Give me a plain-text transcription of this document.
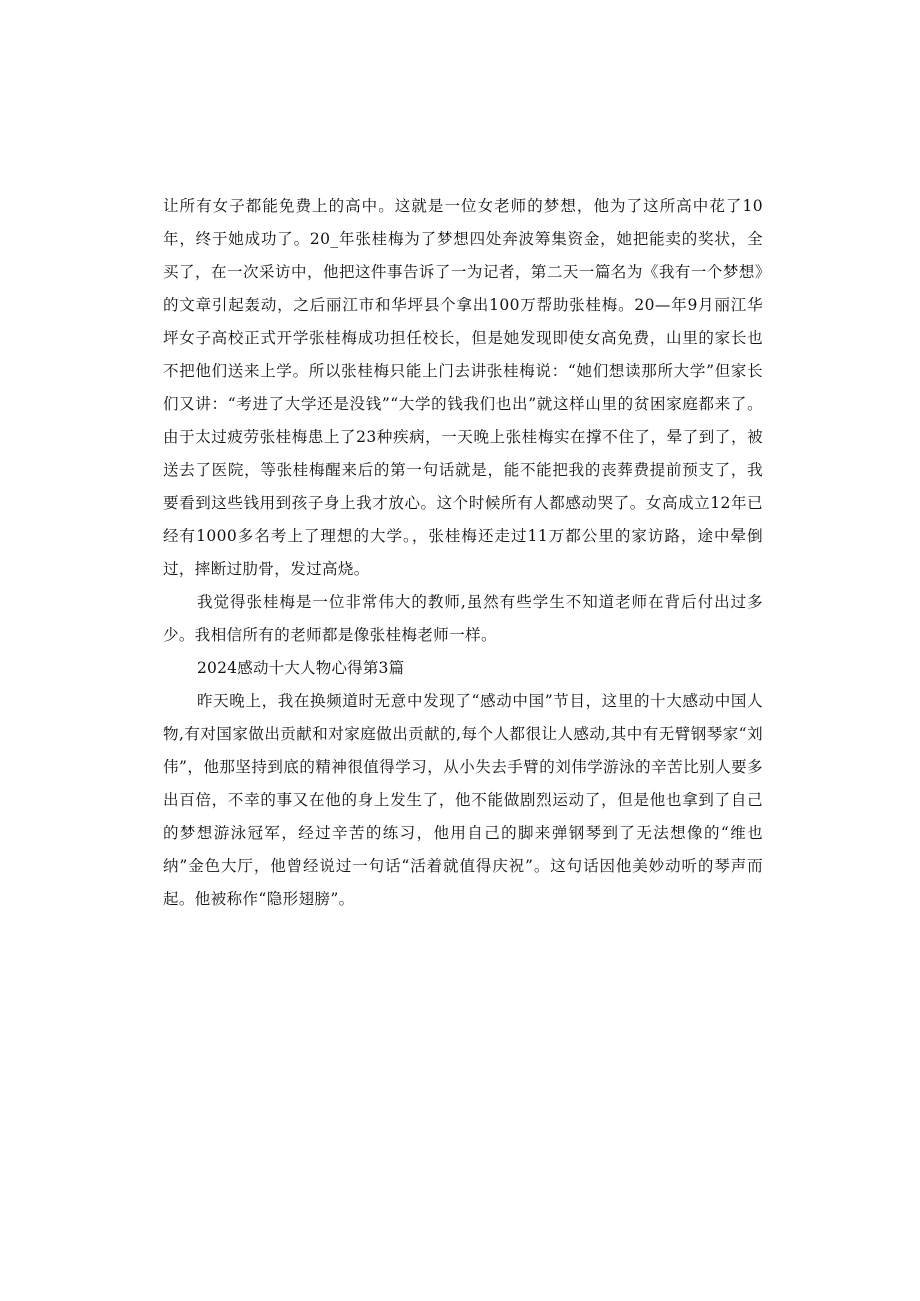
让所有女子都能免费上的高中。这就是一位女老师的梦想，他为了这所高中花了10年，终于她成功了。20_年张桂梅为了梦想四处奔波筹集资金，她把能卖的奖状，全买了，在一次采访中，他把这件事告诉了一为记者，第二天一篇名为《我有一个梦想》的文章引起轰动，之后丽江市和华坪县个拿出100万帮助张桂梅。20—年9月丽江华坪女子高校正式开学张桂梅成功担任校长，但是她发现即使女高免费，山里的家长也不把他们送来上学。所以张桂梅只能上门去讲张桂梅说：“她们想读那所大学”但家长们又讲：“考进了大学还是没钱”“大学的钱我们也出”就这样山里的贫困家庭都来了。由于太过疲劳张桂梅患上了23种疾病，一天晚上张桂梅实在撑不住了，晕了到了，被送去了医院，等张桂梅醒来后的第一句话就是，能不能把我的丧葬费提前预支了，我要看到这些钱用到孩子身上我才放心。这个时候所有人都感动哭了。女高成立12年已经有1000多名考上了理想的大学。，张桂梅还走过11万都公里的家访路，途中晕倒过，摔断过肋骨，发过高烧。

我觉得张桂梅是一位非常伟大的教师,虽然有些学生不知道老师在背后付出过多少。我相信所有的老师都是像张桂梅老师一样。

2024感动十大人物心得第3篇

昨天晚上，我在换频道时无意中发现了“感动中国”节目，这里的十大感动中国人物,有对国家做出贡献和对家庭做出贡献的,每个人都很让人感动,其中有无臂钢琴家“刘伟”，他那坚持到底的精神很值得学习，从小失去手臂的刘伟学游泳的辛苦比别人要多出百倍，不幸的事又在他的身上发生了，他不能做剧烈运动了，但是他也拿到了自己的梦想游泳冠军，经过辛苦的练习，他用自己的脚来弹钢琴到了无法想像的“维也纳”金色大厅，他曾经说过一句话“活着就值得庆祝”。这句话因他美妙动听的琴声而起。他被称作“隐形翅膀”。
